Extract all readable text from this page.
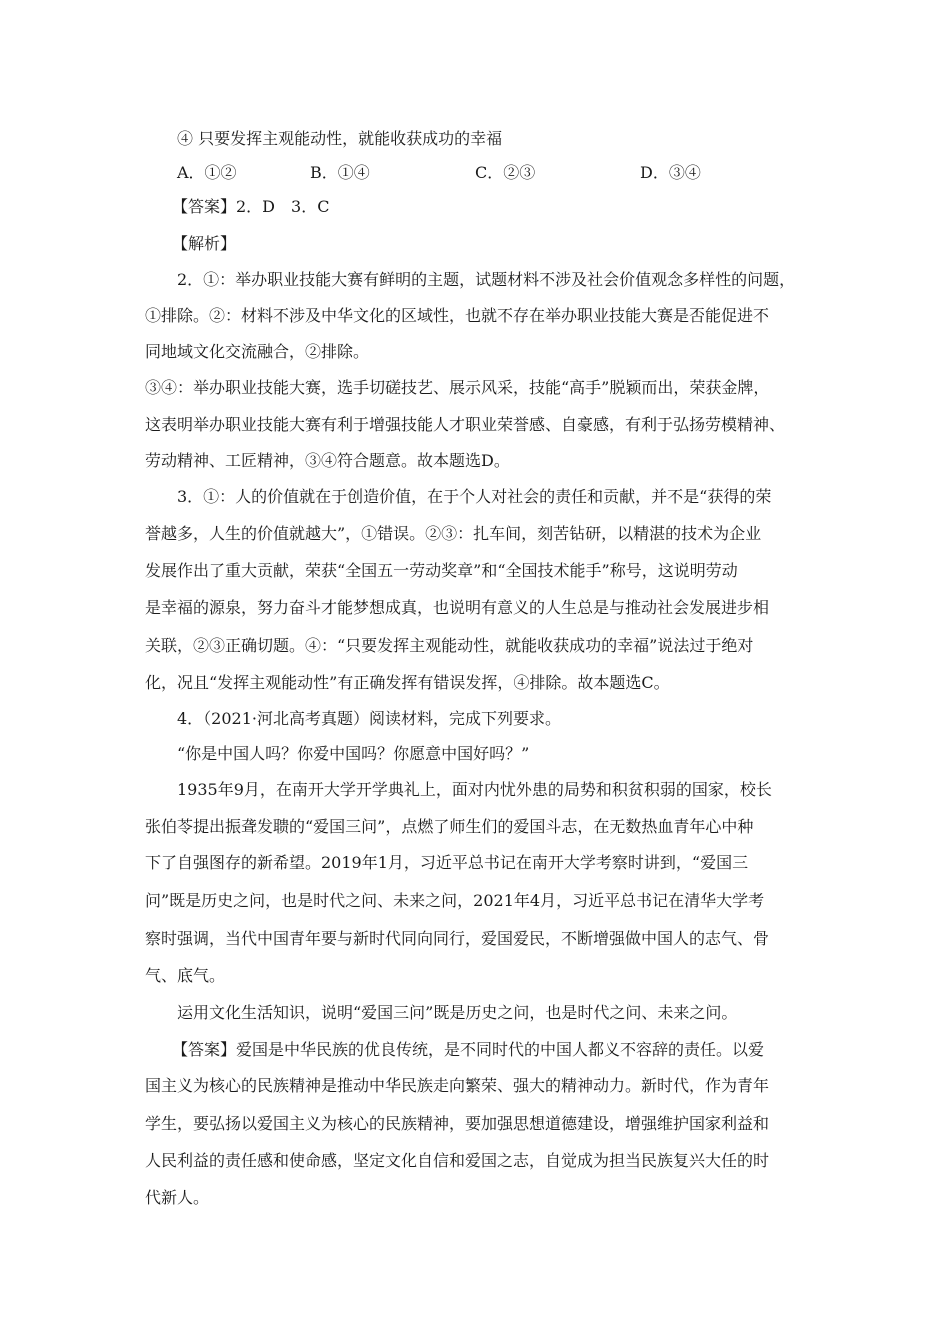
④ 只要发挥主观能动性，就能收获成功的幸福
A．①②	B．①④	C．②③	D．③④
【答案】2．D　3．C
【解析】
2．①：举办职业技能大赛有鲜明的主题，试题材料不涉及社会价值观念多样性的问题，
①排除。②：材料不涉及中华文化的区域性，也就不存在举办职业技能大赛是否能促进不
同地域文化交流融合，②排除。
③④：举办职业技能大赛，选手切磋技艺、展示风采，技能“高手”脱颖而出，荣获金牌，
这表明举办职业技能大赛有利于增强技能人才职业荣誉感、自豪感，有利于弘扬劳模精神、
劳动精神、工匠精神，③④符合题意。故本题选D。
3．①：人的价值就在于创造价值，在于个人对社会的责任和贡献，并不是“获得的荣
誉越多，人生的价值就越大”，①错误。②③：扎车间，刻苦钻研，以精湛的技术为企业
发展作出了重大贡献，荣获“全国五一劳动奖章”和“全国技术能手”称号，这说明劳动
是幸福的源泉，努力奋斗才能梦想成真，也说明有意义的人生总是与推动社会发展进步相
关联，②③正确切题。④：“只要发挥主观能动性，就能收获成功的幸福”说法过于绝对
化，况且“发挥主观能动性”有正确发挥有错误发挥，④排除。故本题选C。
4．（2021·河北高考真题）阅读材料，完成下列要求。
“你是中国人吗？你爱中国吗？你愿意中国好吗？”
1935年9月，在南开大学开学典礼上，面对内忧外患的局势和积贫积弱的国家，校长
张伯苓提出振聋发聩的“爱国三问”，点燃了师生们的爱国斗志，在无数热血青年心中种
下了自强图存的新希望。2019年1月，习近平总书记在南开大学考察时讲到，“爱国三
问”既是历史之问，也是时代之问、未来之问，2021年4月，习近平总书记在清华大学考
察时强调，当代中国青年要与新时代同向同行，爱国爱民，不断增强做中国人的志气、骨
气、底气。
运用文化生活知识，说明“爱国三问”既是历史之问，也是时代之问、未来之问。
【答案】爱国是中华民族的优良传统，是不同时代的中国人都义不容辞的责任。以爱
国主义为核心的民族精神是推动中华民族走向繁荣、强大的精神动力。新时代，作为青年
学生，要弘扬以爱国主义为核心的民族精神，要加强思想道德建设，增强维护国家利益和
人民利益的责任感和使命感，坚定文化自信和爱国之志，自觉成为担当民族复兴大任的时
代新人。
